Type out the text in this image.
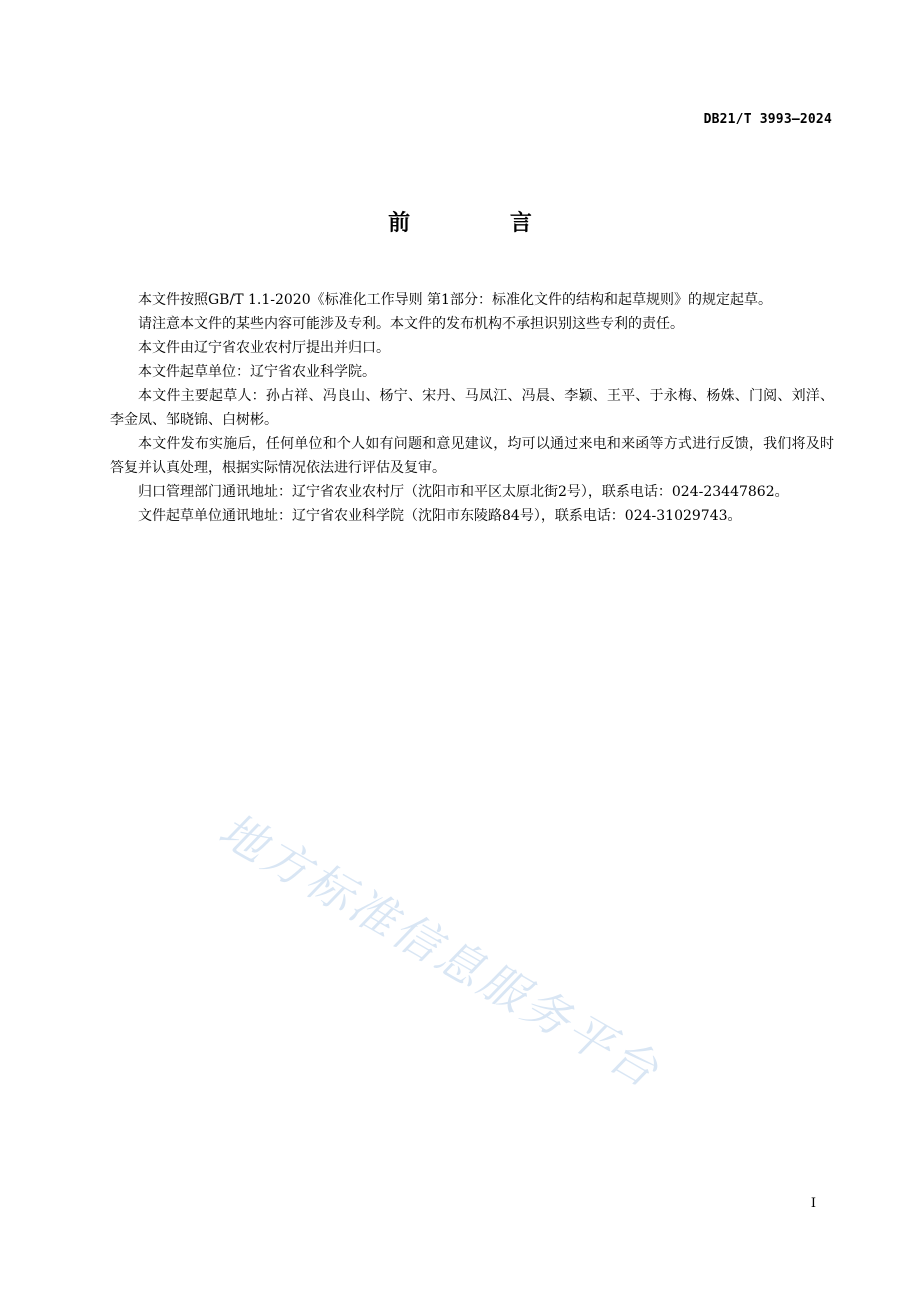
DB21/T 3993—2024
前 言

本文件按照GB/T 1.1-2020《标准化工作导则 第1部分：标准化文件的结构和起草规则》的规定起草。

请注意本文件的某些内容可能涉及专利。本文件的发布机构不承担识别这些专利的责任。

本文件由辽宁省农业农村厅提出并归口。

本文件起草单位：辽宁省农业科学院。

本文件主要起草人：孙占祥、冯良山、杨宁、宋丹、马凤江、冯晨、李颖、王平、于永梅、杨姝、门阅、刘洋、李金凤、邹晓锦、白树彬。

本文件发布实施后，任何单位和个人如有问题和意见建议，均可以通过来电和来函等方式进行反馈，我们将及时答复并认真处理，根据实际情况依法进行评估及复审。

归口管理部门通讯地址：辽宁省农业农村厅（沈阳市和平区太原北街2号），联系电话：024-23447862。

文件起草单位通讯地址：辽宁省农业科学院（沈阳市东陵路84号），联系电话：024-31029743。

地方标准信息服务平台
I
